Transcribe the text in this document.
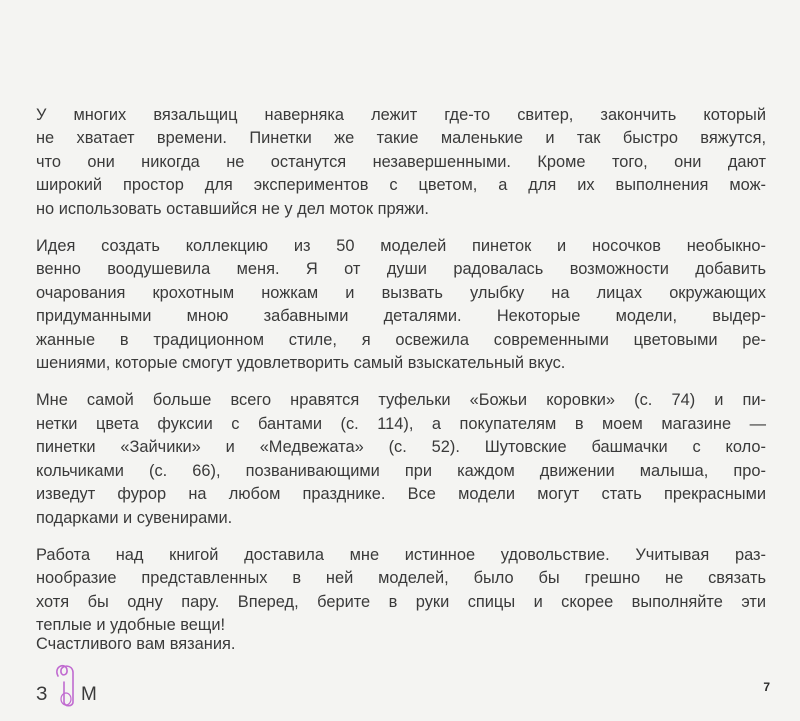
У многих вязальщиц наверняка лежит где-то свитер, закончить который
не хватает времени. Пинетки же такие маленькие и так быстро вяжутся,
что они никогда не останутся незавершенными. Кроме того, они дают
широкий простор для экспериментов с цветом, а для их выполнения мож-
но использовать оставшийся не у дел моток пряжи.

Идея создать коллекцию из 50 моделей пинеток и носочков необыкно-
венно воодушевила меня. Я от души радовалась возможности добавить
очарования крохотным ножкам и вызвать улыбку на лицах окружающих
придуманными мною забавными деталями. Некоторые модели, выдер-
жанные в традиционном стиле, я освежила современными цветовыми ре-
шениями, которые смогут удовлетворить самый взыскательный вкус.

Мне самой больше всего нравятся туфельки «Божьи коровки» (с. 74) и пи-
нетки цвета фуксии с бантами (с. 114), а покупателям в моем магазине —
пинетки «Зайчики» и «Медвежата» (с. 52). Шутовские башмачки с коло-
кольчиками (с. 66), позванивающими при каждом движении малыша, про-
изведут фурор на любом празднике. Все модели могут стать прекрасными
подарками и сувенирами.

Работа над книгой доставила мне истинное удовольствие. Учитывая раз-
нообразие представленных в ней моделей, было бы грешно не связать
хотя бы одну пару. Вперед, берите в руки спицы и скорее выполняйте эти
теплые и удобные вещи!

Счастливого вам вязания.
З М	7
